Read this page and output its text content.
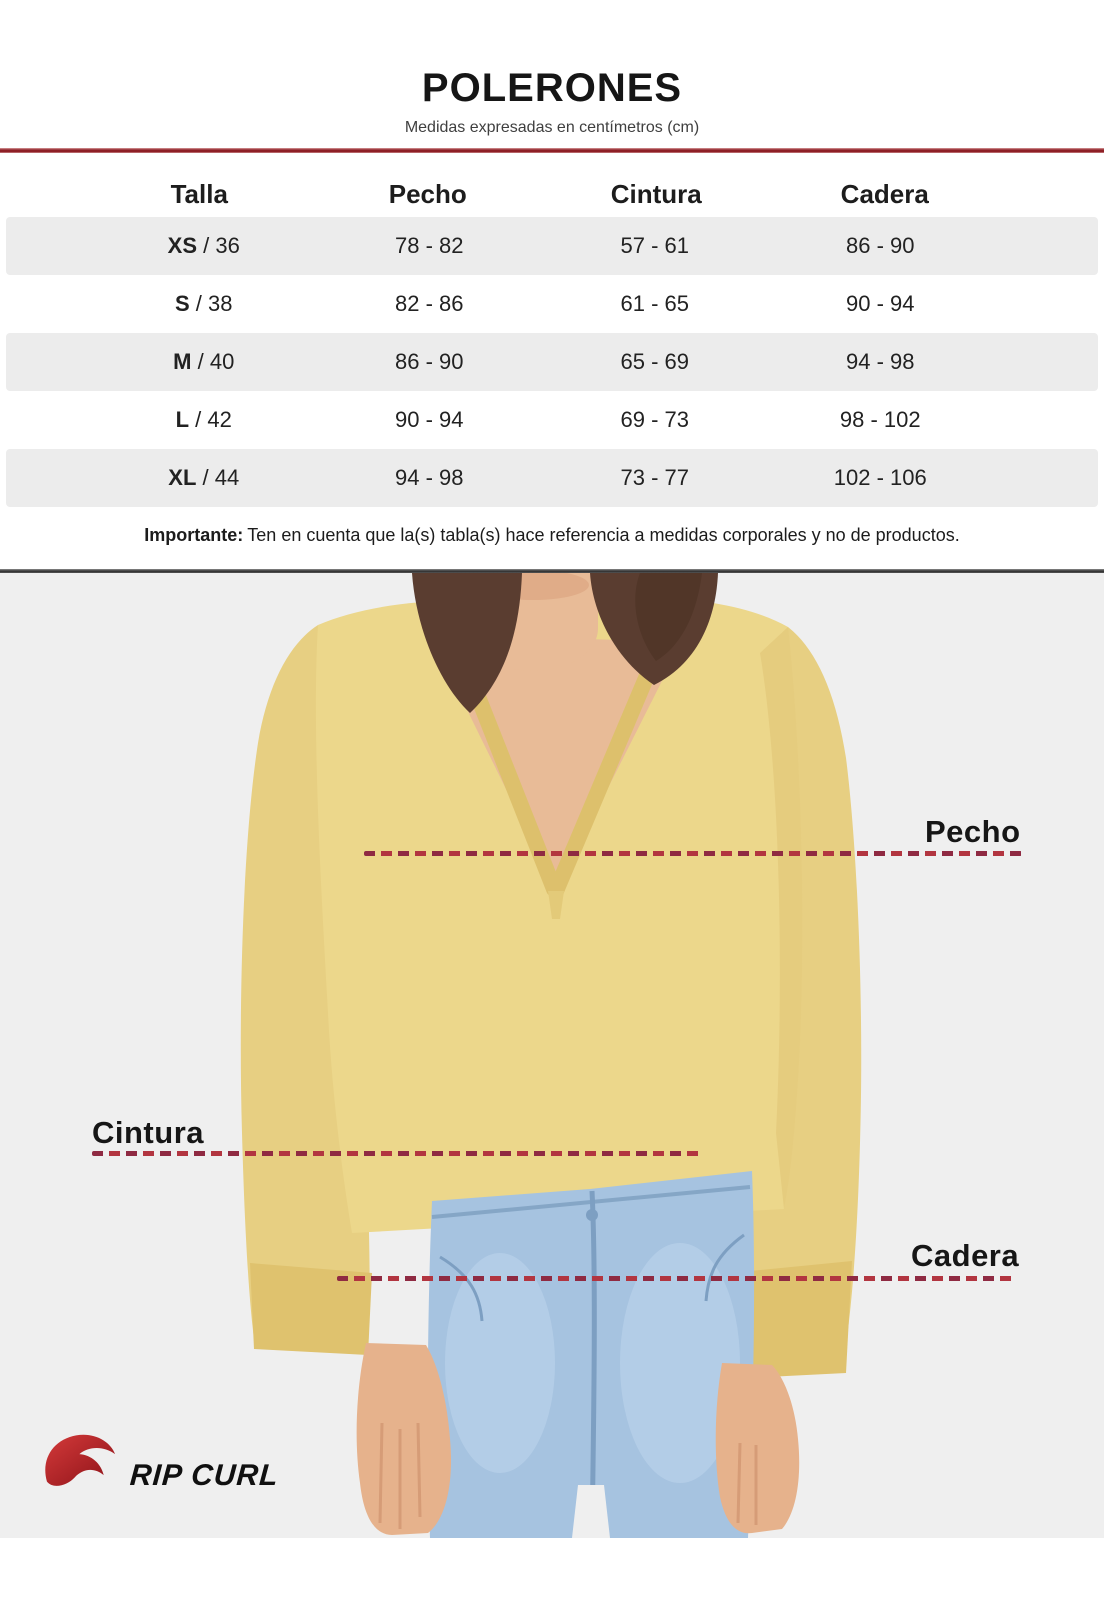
POLERONES
Medidas expresadas en centímetros (cm)
Talla	Pecho	Cintura	Cadera
XS / 36	78 - 82	57 - 61	86 - 90
S / 38	82 - 86	61 - 65	90 - 94
M / 40	86 - 90	65 - 69	94 - 98
L / 42	90 - 94	69 - 73	98 - 102
XL / 44	94 - 98	73 - 77	102 - 106
Importante: Ten en cuenta que la(s) tabla(s) hace referencia a medidas corporales y no de productos.
Pecho
Cintura
Cadera
RIP CURL
